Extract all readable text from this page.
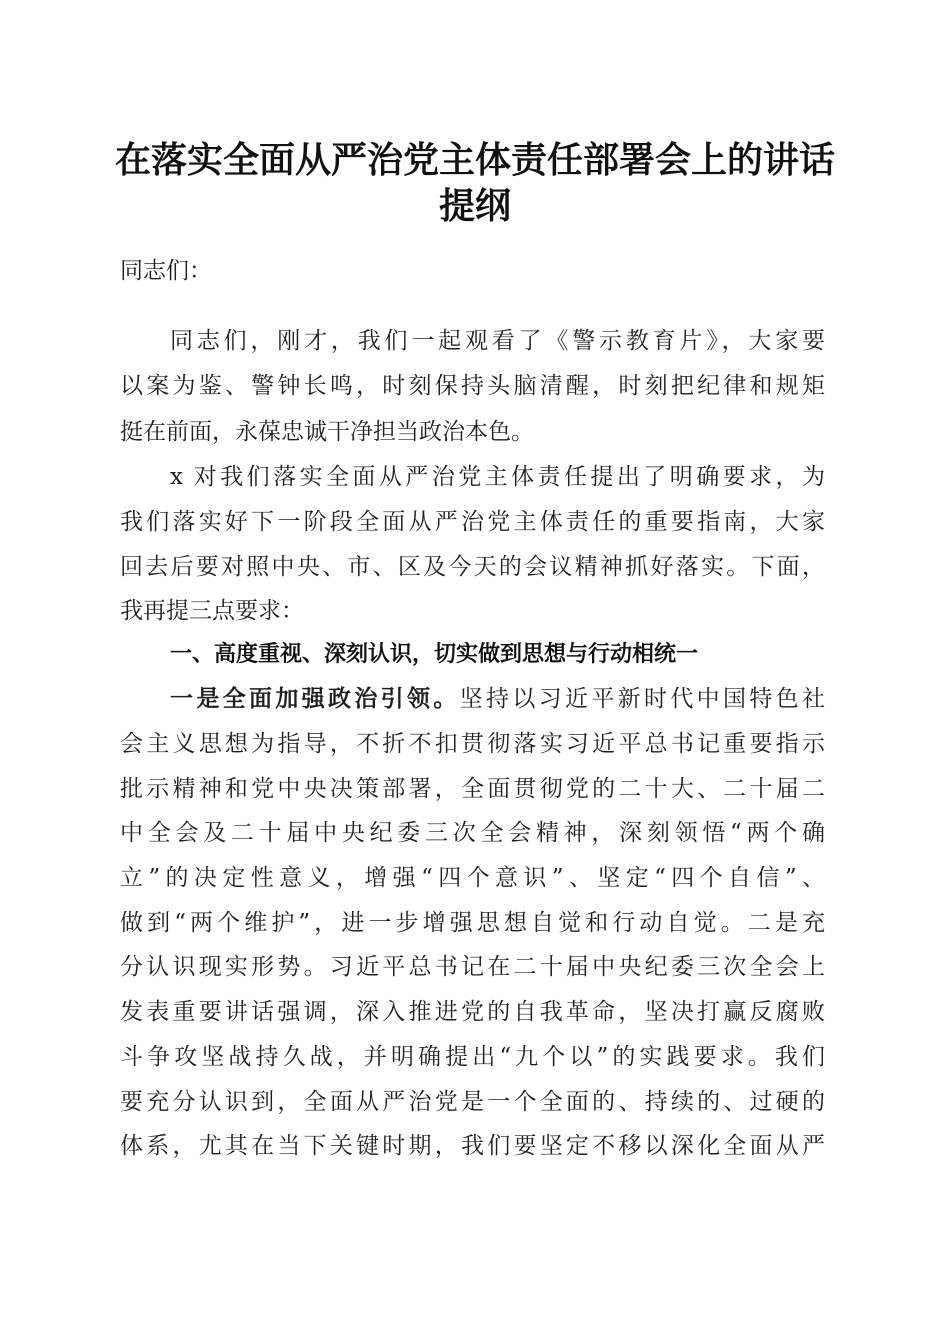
在落实全面从严治党主体责任部署会上的讲话
提纲
同志们：
同志们，刚才，我们一起观看了《警示教育片》，大家要
以案为鉴、警钟长鸣，时刻保持头脑清醒，时刻把纪律和规矩
挺在前面，永葆忠诚干净担当政治本色。
x 对我们落实全面从严治党主体责任提出了明确要求，为
我们落实好下一阶段全面从严治党主体责任的重要指南，大家
回去后要对照中央、市、区及今天的会议精神抓好落实。下面，
我再提三点要求：
一、高度重视、深刻认识，切实做到思想与行动相统一
一是全面加强政治引领。坚持以习近平新时代中国特色社
会主义思想为指导，不折不扣贯彻落实习近平总书记重要指示
批示精神和党中央决策部署，全面贯彻党的二十大、二十届二
中全会及二十届中央纪委三次全会精神，深刻领悟“两个确
立”的决定性意义，增强“四个意识”、坚定“四个自信”、
做到“两个维护”，进一步增强思想自觉和行动自觉。二是充
分认识现实形势。习近平总书记在二十届中央纪委三次全会上
发表重要讲话强调，深入推进党的自我革命，坚决打赢反腐败
斗争攻坚战持久战，并明确提出“九个以”的实践要求。我们
要充分认识到，全面从严治党是一个全面的、持续的、过硬的
体系，尤其在当下关键时期，我们要坚定不移以深化全面从严
